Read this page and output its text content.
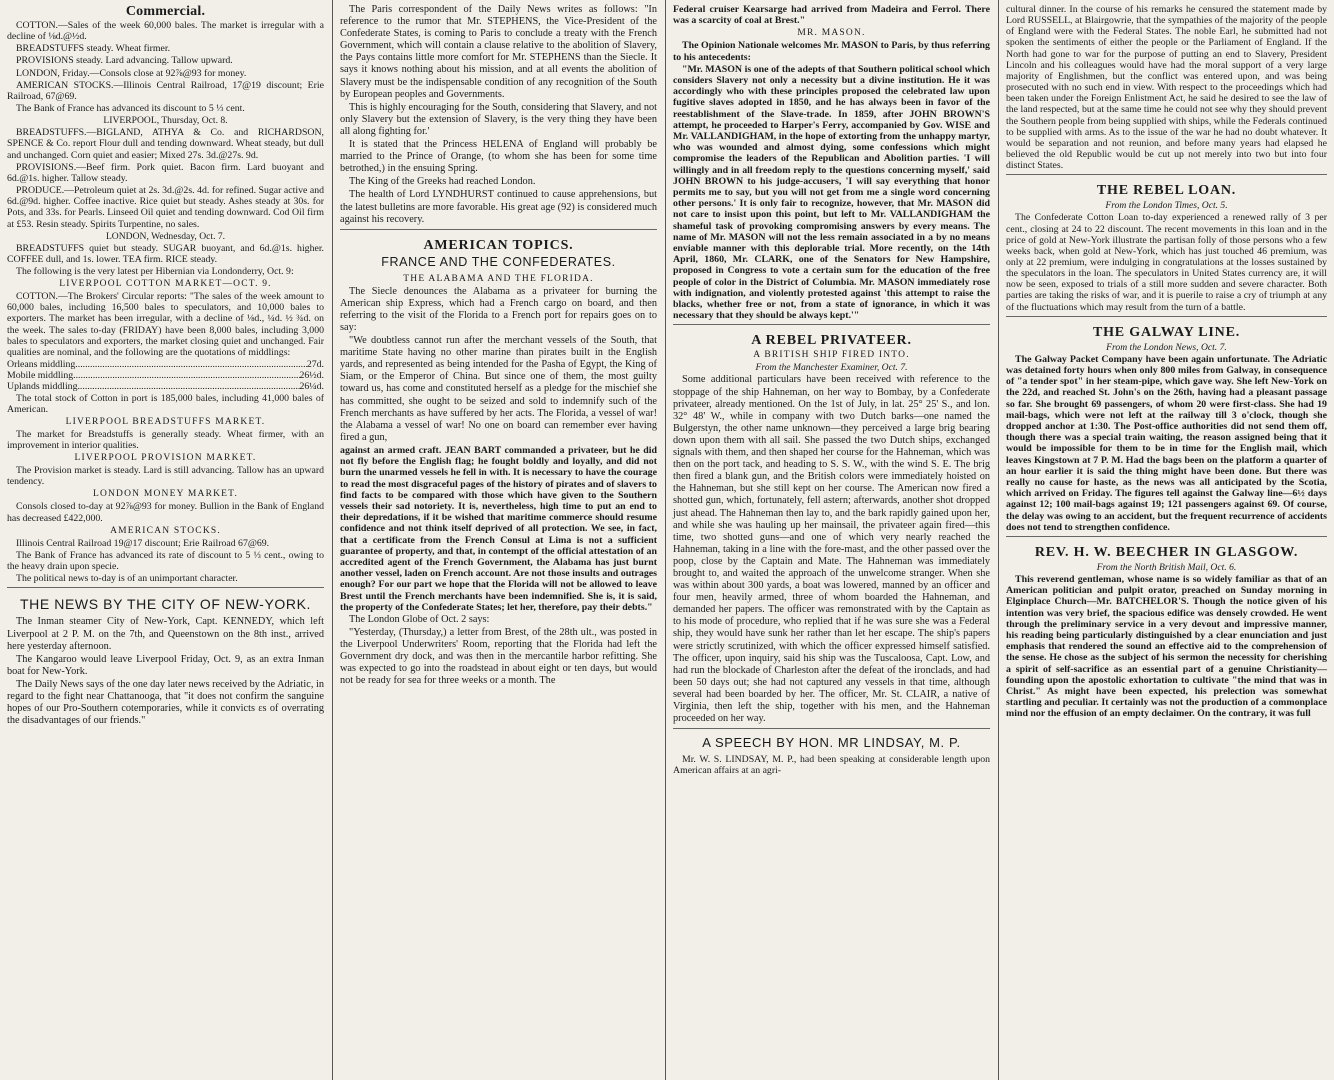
Commercial.

COTTON.—Sales of the week 60,000 bales. The market is irregular with a decline of ⅛d.@½d.

BREADSTUFFS steady. Wheat firmer.

PROVISIONS steady. Lard advancing. Tallow upward.

LONDON, Friday.—Consols close at 92⅞@93 for money.

AMERICAN STOCKS.—Illinois Central Railroad, 17@19 discount; Erie Railroad, 67@69.

The Bank of France has advanced its discount to 5 ⅓ cent.

LIVERPOOL, Thursday, Oct. 8.

BREADSTUFFS.—BIGLAND, ATHYA & Co. and RICHARDSON, SPENCE & Co. report Flour dull and tending downward. Wheat steady, but dull and unchanged. Corn quiet and easier; Mixed 27s. 3d.@27s. 9d.

PROVISIONS.—Beef firm. Pork quiet. Bacon firm. Lard buoyant and 6d.@1s. higher. Tallow steady.

PRODUCE.—Petroleum quiet at 2s. 3d.@2s. 4d. for refined. Sugar active and 6d.@9d. higher. Coffee inactive. Rice quiet but steady. Ashes steady at 30s. for Pots, and 33s. for Pearls. Linseed Oil quiet and tending downward. Cod Oil firm at £53. Resin steady. Spirits Turpentine, no sales.

LONDON, Wednesday, Oct. 7.

BREADSTUFFS quiet but steady. SUGAR buoyant, and 6d.@1s. higher. COFFEE dull, and 1s. lower. TEA firm. RICE steady.

The following is the very latest per Hibernian via Londonderry, Oct. 9:

LIVERPOOL COTTON MARKET—OCT. 9.

COTTON.—The Brokers' Circular reports: "The sales of the week amount to 60,000 bales, including 16,500 bales to speculators, and 10,000 bales to exporters. The market has been irregular, with a decline of ⅛d., ¼d. ½ ¾d. on the week. The sales to-day (FRIDAY) have been 8,000 bales, including 3,000 bales to speculators and exporters, the market closing quiet and unchanged. Fair qualities are nominal, and the following are the quotations of middlings:

Orleans middling .....	27d.
Mobile middling .....	26½d.
Uplands middling .....	26¼d.

The total stock of Cotton in port is 185,000 bales, including 41,000 bales of American.

LIVERPOOL BREADSTUFFS MARKET.

The market for Breadstuffs is generally steady. Wheat firmer, with an improvement in interior qualities.

LIVERPOOL PROVISION MARKET.

The Provision market is steady. Lard is still advancing. Tallow has an upward tendency.

LONDON MONEY MARKET.

Consols closed to-day at 92⅞@93 for money. Bullion in the Bank of England has decreased £422,000.

AMERICAN STOCKS.

Illinois Central Railroad 19@17 discount; Erie Railroad 67@69.

The Bank of France has advanced its rate of discount to 5 ⅓ cent., owing to the heavy drain upon specie.

The political news to-day is of an unimportant character.

THE NEWS BY THE CITY OF NEW-YORK.

The Inman steamer City of New-York, Capt. KENNEDY, which left Liverpool at 2 P. M. on the 7th, and Queenstown on the 8th inst., arrived here yesterday afternoon.

The Kangaroo would leave Liverpool Friday, Oct. 9, as an extra Inman boat for New-York.

The Daily News says of the one day later news received by the Adriatic, in regard to the fight near Chattanooga, that "it does not confirm the sanguine hopes of our Pro-Southern cotemporaries, while it convicts ɛs of overrating the disadvantages of our friends."

The Paris correspondent of the Daily News writes as follows: "In reference to the rumor that Mr. STEPHENS, the Vice-President of the Confederate States, is coming to Paris to conclude a treaty with the French Government, which will contain a clause relative to the abolition of Slavery, the Pays contains little more comfort for Mr. STEPHENS than the Siecle. It says it knows nothing about his mission, and at all events the abolition of Slavery must be the indispensable condition of any recognition of the South by European peoples and Governments.

This is highly encouraging for the South, considering that Slavery, and not only Slavery but the extension of Slavery, is the very thing they have been all along fighting for.'

It is stated that the Princess HELENA of England will probably be married to the Prince of Orange, (to whom she has been for some time betrothed,) in the ensuing Spring.

The King of the Greeks had reached London.

The health of Lord LYNDHURST continued to cause apprehensions, but the latest bulletins are more favorable. His great age (92) is considered much against his recovery.

AMERICAN TOPICS.
FRANCE AND THE CONFEDERATES.
THE ALABAMA AND THE FLORIDA.

The Siecle denounces the Alabama as a privateer for burning the American ship Express, which had a French cargo on board, and then referring to the visit of the Florida to a French port for repairs goes on to say:

"We doubtless cannot run after the merchant vessels of the South, that maritime State having no other marine than pirates built in the English yards, and represented as being intended for the Pasha of Egypt, the King of Siam, or the Emperor of China. But since one of them, the most guilty toward us, has come and constituted herself as a pledge for the mischief she has committed, she ought to be seized and sold to indemnify such of the French merchants as have suffered by her acts. The Florida, a vessel of war! the Alabama a vessel of war! No one on board can remember ever having fired a gun,

against an armed craft. JEAN BART commanded a privateer, but he did not fly before the English flag; he fought boldly and loyally, and did not burn the unarmed vessels he fell in with. It is necessary to have the courage to read the most disgraceful pages of the history of pirates and of slavers to find facts to be compared with those which have given to the Southern vessels their sad notoriety. It is, nevertheless, high time to put an end to their depredations, if it be wished that maritime commerce should resume confidence and not think itself deprived of all protection. We see, in fact, that a certificate from the French Consul at Lima is not a sufficient guarantee of property, and that, in contempt of the official attestation of an accredited agent of the French Government, the Alabama has just burnt another vessel, laden on French account. Are not those insults and outrages enough? For our part we hope that the Florida will not be allowed to leave Brest until the French merchants have been indemnified. She is, it is said, the property of the Confederate States; let her, therefore, pay their debts."

The London Globe of Oct. 2 says:

"Yesterday, (Thursday,) a letter from Brest, of the 28th ult., was posted in the Liverpool Underwriters' Room, reporting that the Florida had left the Government dry dock, and was then in the mercantile harbor refitting. She was expected to go into the roadstead in about eight or ten days, but would not be ready for sea for three weeks or a month. The

Federal cruiser Kearsarge had arrived from Madeira and Ferrol. There was a scarcity of coal at Brest."

MR. MASON.

The Opinion Nationale welcomes Mr. MASON to Paris, by thus referring to his antecedents:

"Mr. MASON is one of the adepts of that Southern political school which considers Slavery not only a necessity but a divine institution. He it was accordingly who with these principles proposed the celebrated law upon fugitive slaves adopted in 1850, and he has always been in favor of the reestablishment of the Slave-trade. In 1859, after JOHN BROWN'S attempt, he proceeded to Harper's Ferry, accompanied by Gov. WISE and Mr. VALLANDIGHAM, in the hope of extorting from the unhappy martyr, who was wounded and almost dying, some confessions which might compromise the leaders of the Republican and Abolition parties. 'I will willingly and in all freedom reply to the questions concerning myself,' said JOHN BROWN to his judge-accusers, 'I will say everything that honor permits me to say, but you will not get from me a single word concerning other persons.' It is only fair to recognize, however, that Mr. MASON did not care to insist upon this point, but left to Mr. VALLANDIGHAM the shameful task of provoking compromising answers by every means. The name of Mr. MASON will not the less remain associated in a by no means enviable manner with this deplorable trial. More recently, on the 14th April, 1860, Mr. CLARK, one of the Senators for New Hampshire, proposed in Congress to vote a certain sum for the education of the free people of color in the District of Columbia. Mr. MASON immediately rose with indignation, and violently protested against 'this attempt to raise the blacks, whether free or not, from a state of ignorance, in which it was necessary that they should be always kept.'"

A REBEL PRIVATEER.
A BRITISH SHIP FIRED INTO.
From the Manchester Examiner, Oct. 7.

Some additional particulars have been received with reference to the stoppage of the ship Hahneman, on her way to Bombay, by a Confederate privateer, already mentioned. On the 1st of July, in lat. 25° 25' S., and lon. 32° 48' W., while in company with two Dutch barks—one named the Bulgerstyn, the other name unknown—they perceived a large brig bearing down upon them with all sail. She passed the two Dutch ships, exchanged signals with them, and then shaped her course for the Hahneman, which was then on the port tack, and heading to S. S. W., with the wind S. E. The brig then fired a blank gun, and the British colors were immediately hoisted on the Hahneman, but she still kept on her course. The American now fired a shotted gun, which, fortunately, fell astern; afterwards, another shot dropped just ahead. The Hahneman then lay to, and the bark rapidly gained upon her, and while she was hauling up her mainsail, the privateer again fired—this time, two shotted guns—and one of which very nearly reached the Hahneman, taking in a line with the fore-mast, and the other passed over the poop, close by the Captain and Mate. The Hahneman was immediately brought to, and waited the approach of the unwelcome stranger. When she was within about 300 yards, a boat was lowered, manned by an officer and four men, heavily armed, three of whom boarded the Hahneman, and demanded her papers. The officer was remonstrated with by the Captain as to his mode of procedure, who replied that if he was sure she was a Federal ship, they would have sunk her rather than let her escape. The ship's papers were strictly scrutinized, with which the officer expressed himself satisfied. The officer, upon inquiry, said his ship was the Tuscaloosa, Capt. Low, and had run the blockade of Charleston after the defeat of the ironclads, and had been 50 days out; she had not captured any vessels in that time, although several had been boarded by her. The officer, Mr. St. CLAIR, a native of Virginia, then left the ship, together with his men, and the Hahneman proceeded on her way.

A SPEECH BY HON. MR LINDSAY, M. P.

Mr. W. S. LINDSAY, M. P., had been speaking at considerable length upon American affairs at an agri-

cultural dinner. In the course of his remarks he censured the statement made by Lord RUSSELL, at Blairgowrie, that the sympathies of the majority of the people of England were with the Federal States. The noble Earl, he submitted had not spoken the sentiments of either the people or the Parliament of England. If the North had gone to war for the purpose of putting an end to Slavery, President Lincoln and his colleagues would have had the moral support of a very large majority of Englishmen, but the conflict was entered upon, and was being prosecuted with no such end in view. With respect to the proceedings which had been taken under the Foreign Enlistment Act, he said he desired to see the law of the land respected, but at the same time he could not see why they should prevent the Southern people from being supplied with ships, while the Federals continued to be supplied with arms. As to the issue of the war he had no doubt whatever. It would be separation and not reunion, and before many years had elapsed he believed the old Republic would be cut up not merely into two but into four distinct States.

THE REBEL LOAN.
From the London Times, Oct. 5.

The Confederate Cotton Loan to-day experienced a renewed rally of 3 per cent., closing at 24 to 22 discount. The recent movements in this loan and in the price of gold at New-York illustrate the partisan folly of those persons who a few weeks back, when gold at New-York, which has just touched 46 premium, was only at 22 premium, were indulging in congratulations at the losses sustained by the speculators in the loan. The speculators in United States currency are, it will now be seen, exposed to trials of a still more sudden and severe character. Both parties are taking the risks of war, and it is puerile to raise a cry of triumph at any of the fluctuations which may result from the turn of a battle.

THE GALWAY LINE.
From the London News, Oct. 7.

The Galway Packet Company have been again unfortunate. The Adriatic was detained forty hours when only 800 miles from Galway, in consequence of "a tender spot" in her steam-pipe, which gave way. She left New-York on the 22d, and reached St. John's on the 26th, having had a pleasant passage so far. She brought 69 passengers, of whom 20 were first-class. She had 19 mail-bags, which were not left at the railway till 3 o'clock, though she dropped anchor at 1:30. The Post-office authorities did not send them off, though there was a special train waiting, the reason assigned being that it would be impossible for them to be in time for the English mail, which leaves Kingstown at 7 P. M. Had the bags been on the platform a quarter of an hour earlier it is said the thing might have been done. But there was really no cause for haste, as the news was all anticipated by the Scotia, which arrived on Friday. The figures tell against the Galway line—6½ days against 12; 100 mail-bags against 19; 121 passengers against 69. Of course, the delay was owing to an accident, but the frequent recurrence of accidents does not tend to strengthen confidence.

REV. H. W. BEECHER IN GLASGOW.
From the North British Mail, Oct. 6.

This reverend gentleman, whose name is so widely familiar as that of an American politician and pulpit orator, preached on Sunday morning in Elginplace Church—Mr. BATCHELOR'S. Though the notice given of his intention was very brief, the spacious edifice was densely crowded. He went through the preliminary service in a very devout and impressive manner, his reading being particularly distinguished by a clear enunciation and just emphasis that rendered the sound an effective aid to the comprehension of the sense. He chose as the subject of his sermon the necessity for cherishing a spirit of self-sacrifice as an essential part of a genuine Christianity—founding upon the apostolic exhortation to cultivate "the mind that was in Christ." As might have been expected, his prelection was somewhat startling and peculiar. It certainly was not the production of a commonplace mind nor the effusion of an empty declaimer. On the contrary, it was full
